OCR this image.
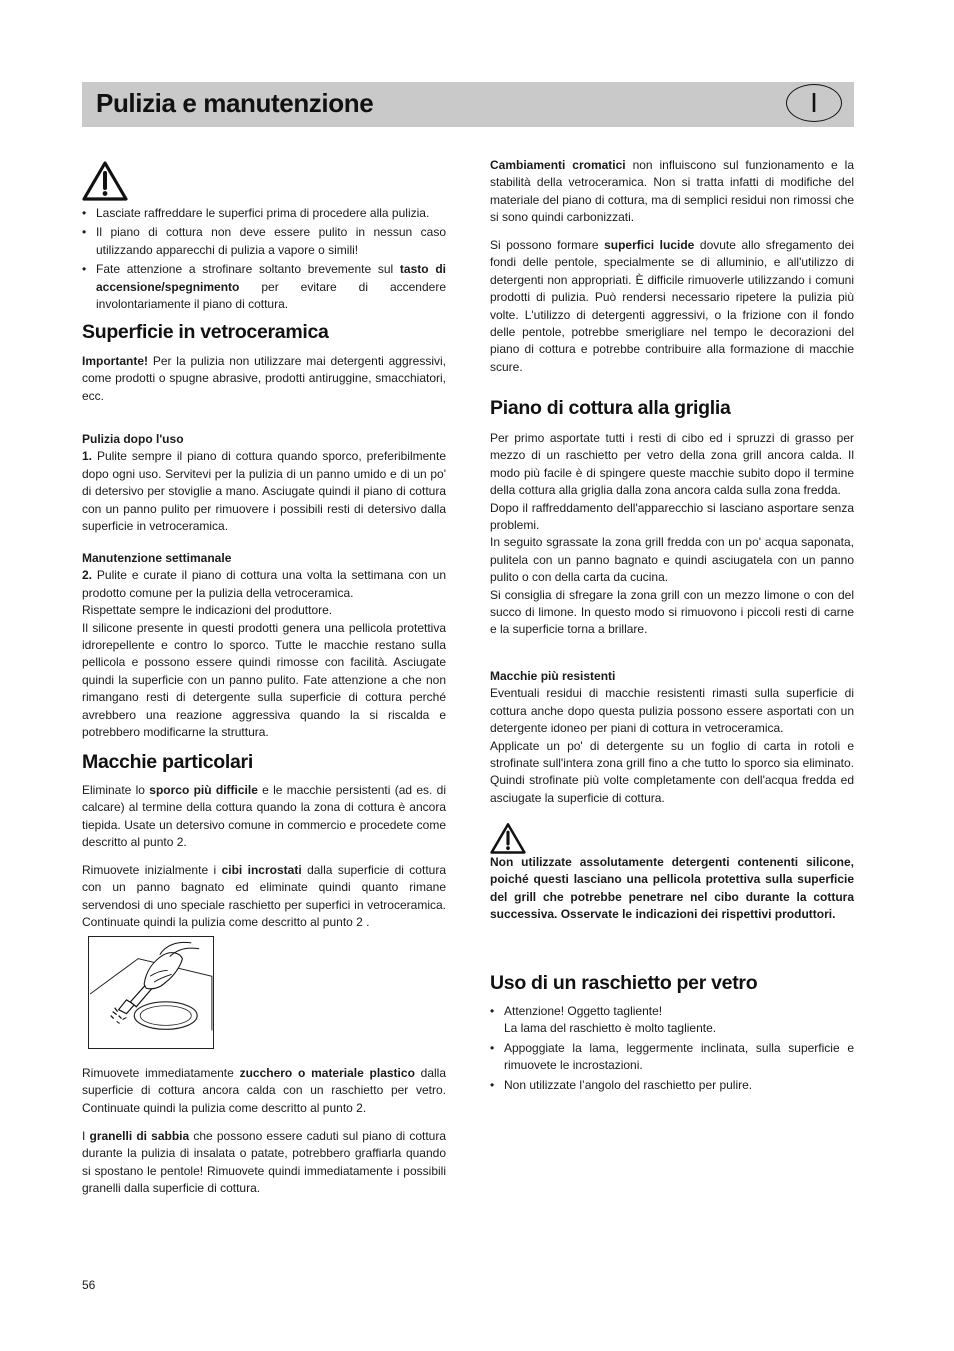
Pulizia e manutenzione	I
• Lasciate raffreddare le superfici prima di procedere alla pulizia.
• Il piano di cottura non deve essere pulito in nessun caso utilizzando apparecchi di pulizia a vapore o simili!
• Fate attenzione a strofinare soltanto brevemente sul tasto di accensione/spegnimento per evitare di accendere involontariamente il piano di cottura.
Superficie in vetroceramica

Importante! Per la pulizia non utilizzare mai detergenti aggressivi, come prodotti o spugne abrasive, prodotti antiruggine, smacchiatori, ecc.

Pulizia dopo l'uso

1. Pulite sempre il piano di cottura quando sporco, preferibilmente dopo ogni uso. Servitevi per la pulizia di un panno umido e di un po' di detersivo per stoviglie a mano. Asciugate quindi il piano di cottura con un panno pulito per rimuovere i possibili resti di detersivo dalla superficie in vetroceramica.

Manutenzione settimanale

2. Pulite e curate il piano di cottura una volta la settimana con un prodotto comune per la pulizia della vetroceramica.

Rispettate sempre le indicazioni del produttore.

Il silicone presente in questi prodotti genera una pellicola protettiva idrorepellente e contro lo sporco. Tutte le macchie restano sulla pellicola e possono essere quindi rimosse con facilità. Asciugate quindi la superficie con un panno pulito. Fate attenzione a che non rimangano resti di detergente sulla superficie di cottura perché avrebbero una reazione aggressiva quando la si riscalda e potrebbero modificarne la struttura.

Macchie particolari

Eliminate lo sporco più difficile e le macchie persistenti (ad es. di calcare) al termine della cottura quando la zona di cottura è ancora tiepida. Usate un detersivo comune in commercio e procedete come descritto al punto 2.

Rimuovete inizialmente i cibi incrostati dalla superficie di cottura con un panno bagnato ed eliminate quindi quanto rimane servendosi di uno speciale raschietto per superfici in vetroceramica. Continuate quindi la pulizia come descritto al punto 2 .

Rimuovete immediatamente zucchero o materiale plastico dalla superficie di cottura ancora calda con un raschietto per vetro. Continuate quindi la pulizia come descritto al punto 2.

I granelli di sabbia che possono essere caduti sul piano di cottura durante la pulizia di insalata o patate, potrebbero graffiarla quando si spostano le pentole! Rimuovete quindi immediatamente i possibili granelli dalla superficie di cottura.

Cambiamenti cromatici non influiscono sul funzionamento e la stabilità della vetroceramica. Non si tratta infatti di modifiche del materiale del piano di cottura, ma di semplici residui non rimossi che si sono quindi carbonizzati.

Si possono formare superfici lucide dovute allo sfregamento dei fondi delle pentole, specialmente se di alluminio, e all'utilizzo di detergenti non appropriati. È difficile rimuoverle utilizzando i comuni prodotti di pulizia. Può rendersi necessario ripetere la pulizia più volte. L'utilizzo di detergenti aggressivi, o la frizione con il fondo delle pentole, potrebbe smerigliare nel tempo le decorazioni del piano di cottura e potrebbe contribuire alla formazione di macchie scure.

Piano di cottura alla griglia

Per primo asportate tutti i resti di cibo ed i spruzzi di grasso per mezzo di un raschietto per vetro della zona grill ancora calda. Il modo più facile è di spingere queste macchie subito dopo il termine della cottura alla griglia dalla zona ancora calda sulla zona fredda.

Dopo il raffreddamento dell'apparecchio si lasciano asportare senza problemi.

In seguito sgrassate la zona grill fredda con un po' acqua saponata, pulitela con un panno bagnato e quindi asciugatela con un panno pulito o con della carta da cucina.

Si consiglia di sfregare la zona grill con un mezzo limone o con del succo di limone. In questo modo si rimuovono i piccoli resti di carne e la superficie torna a brillare.

Macchie più resistenti

Eventuali residui di macchie resistenti rimasti sulla superficie di cottura anche dopo questa pulizia possono essere asportati con un detergente idoneo per piani di cottura in vetroceramica.

Applicate un po' di detergente su un foglio di carta in rotoli e strofinate sull'intera zona grill fino a che tutto lo sporco sia eliminato. Quindi strofinate più volte completamente con dell'acqua fredda ed asciugate la superficie di cottura.

Non utilizzate assolutamente detergenti contenenti silicone, poiché questi lasciano una pellicola protettiva sulla superficie del grill che potrebbe penetrare nel cibo durante la cottura successiva. Osservate le indicazioni dei rispettivi produttori.

Uso di un raschietto per vetro
• Attenzione! Oggetto tagliente!
La lama del raschietto è molto tagliente.
• Appoggiate la lama, leggermente inclinata, sulla superficie e rimuovete le incrostazioni.
• Non utilizzate l’angolo del raschietto per pulire.
56
